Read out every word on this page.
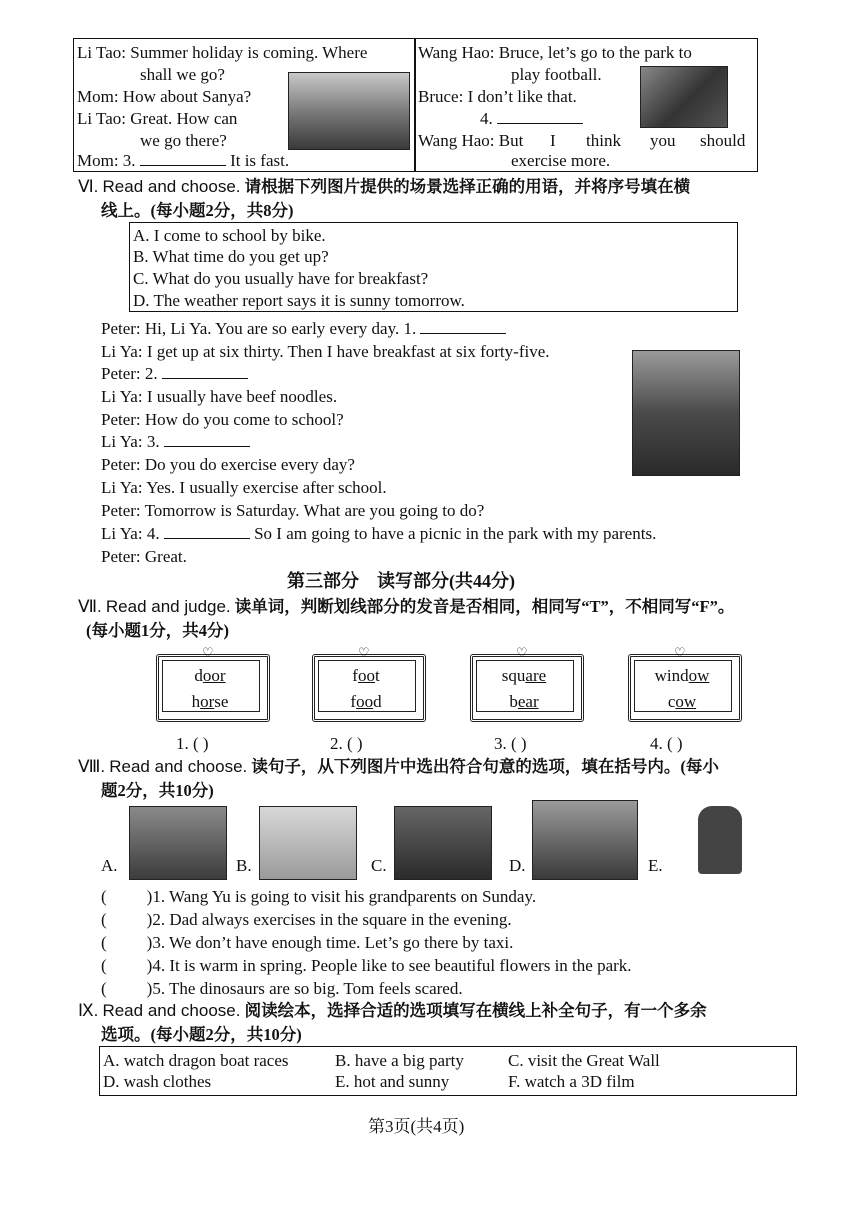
Li Tao: Summer holiday is coming. Where
shall we go?
Mom: How about Sanya?
Li Tao: Great. How can
we go there?
Mom: 3.	It is fast.
Wang Hao: Bruce, let’s go to the park to
play football.
Bruce: I don’t like that.
4.
Wang Hao: But I think you should
exercise more.
Ⅵ. Read and choose. 请根据下列图片提供的场景选择正确的用语，并将序号填在横
线上。(每小题2分，共8分)
A. I come to school by bike.
B. What time do you get up?
C. What do you usually have for breakfast?
D. The weather report says it is sunny tomorrow.
Peter: Hi, Li Ya. You are so early every day. 1.
Li Ya: I get up at six thirty. Then I have breakfast at six forty-five.
Peter: 2.
Li Ya: I usually have beef noodles.
Peter: How do you come to school?
Li Ya: 3.
Peter: Do you do exercise every day?
Li Ya: Yes. I usually exercise after school.
Peter: Tomorrow is Saturday. What are you going to do?
Li Ya: 4.	So I am going to have a picnic in the park with my parents.
Peter: Great.
第三部分　读写部分(共44分)
Ⅶ. Read and judge. 读单词，判断划线部分的发音是否相同，相同写“T”，不相同写“F”。
(每小题1分，共4分)
♡
door
horse
♡
foot
food
♡
square
bear
♡
window
cow
1. ( )	2. ( )	3. ( )	4. ( )
Ⅷ. Read and choose. 读句子，从下列图片中选出符合句意的选项，填在括号内。(每小
题2分，共10分)
A.	B.	C.	D.	E.
( )1. Wang Yu is going to visit his grandparents on Sunday.
( )2. Dad always exercises in the square in the evening.
( )3. We don’t have enough time. Let’s go there by taxi.
( )4. It is warm in spring. People like to see beautiful flowers in the park.
( )5. The dinosaurs are so big. Tom feels scared.
Ⅸ. Read and choose. 阅读绘本，选择合适的选项填写在横线上补全句子，有一个多余
选项。(每小题2分，共10分)
A. watch dragon boat races	B. have a big party	C. visit the Great Wall
D. wash clothes	E. hot and sunny	F. watch a 3D film
第3页(共4页)
